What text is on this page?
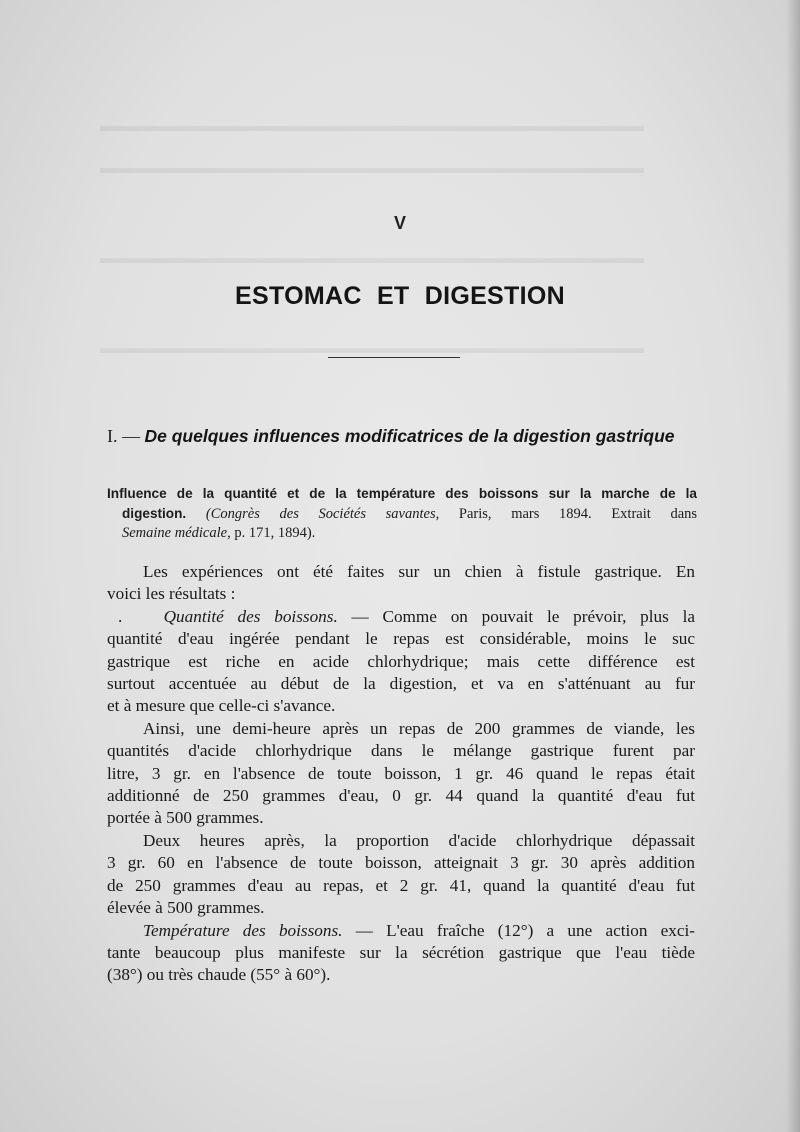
▬▬▬▬▬▬▬▬▬▬▬▬▬▬▬▬▬▬▬▬▬▬▬▬▬▬▬▬▬▬▬▬▬▬
▬▬▬▬▬▬▬▬▬▬▬▬▬▬▬▬▬▬▬▬▬▬▬▬▬▬▬▬▬▬▬▬▬▬
▬▬▬▬▬▬▬▬▬▬▬▬▬▬▬▬▬▬▬▬▬▬▬▬▬▬▬▬▬▬▬▬▬▬
▬▬▬▬▬▬▬▬▬▬▬▬▬▬▬▬▬▬▬▬▬▬▬▬▬▬▬▬▬▬▬▬▬▬
V
ESTOMAC ET DIGESTION
I. — De quelques influences modificatrices de la digestion gastrique
Influence de la quantité et de la température des boissons sur la marche de la
digestion. (Congrès des Sociétés savantes, Paris, mars 1894. Extrait dans
Semaine médicale, p. 171, 1894).
Les expériences ont été faites sur un chien à fistule gastrique. En
voici les résultats :
. Quantité des boissons. — Comme on pouvait le prévoir, plus la
quantité d'eau ingérée pendant le repas est considérable, moins le suc
gastrique est riche en acide chlorhydrique; mais cette différence est
surtout accentuée au début de la digestion, et va en s'atténuant au fur
et à mesure que celle-ci s'avance.
Ainsi, une demi-heure après un repas de 200 grammes de viande, les
quantités d'acide chlorhydrique dans le mélange gastrique furent par
litre, 3 gr. en l'absence de toute boisson, 1 gr. 46 quand le repas était
additionné de 250 grammes d'eau, 0 gr. 44 quand la quantité d'eau fut
portée à 500 grammes.
Deux heures après, la proportion d'acide chlorhydrique dépassait
3 gr. 60 en l'absence de toute boisson, atteignait 3 gr. 30 après addition
de 250 grammes d'eau au repas, et 2 gr. 41, quand la quantité d'eau fut
élevée à 500 grammes.
Température des boissons. — L'eau fraîche (12°) a une action exci-
tante beaucoup plus manifeste sur la sécrétion gastrique que l'eau tiède
(38°) ou très chaude (55° à 60°).
